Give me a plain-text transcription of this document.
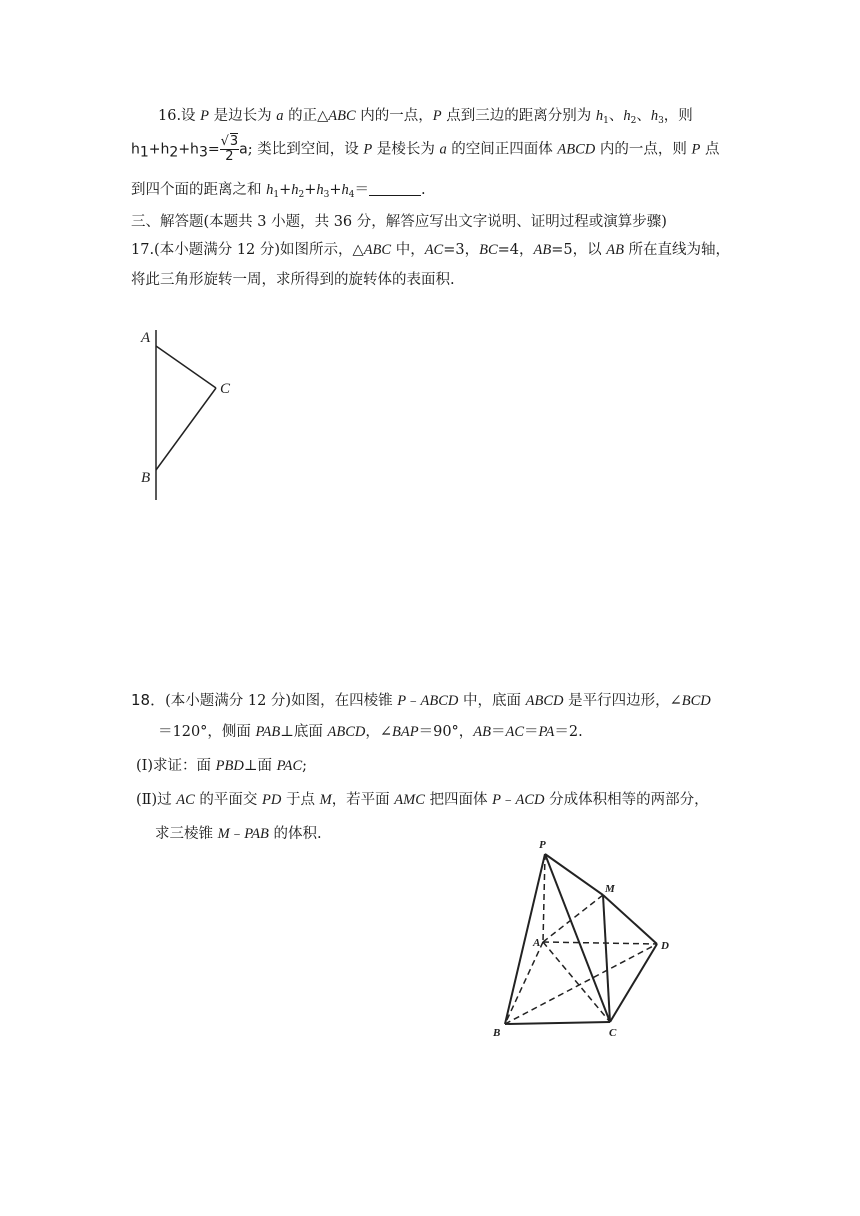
16.设 P 是边长为 a 的正△ABC 内的一点，P 点到三边的距离分别为 $h_1$、$h_2$、$h_3$，则
$h_1+h_2+h_3= \frac{√3}{2} a$; 类比到空间，设 P 是棱长为 a 的空间正四面体 ABCD 内的一点，则 P 点
到四个面的距离之和 $h_1+h_2+h_3+h_4=$	.
三、解答题(本题共 3 小题，共 36 分，解答应写出文字说明、证明过程或演算步骤)
17.(本小题满分 12 分)如图所示，△ABC 中，AC=3，BC=4，AB=5，以 AB 所在直线为轴，
将此三角形旋转一周，求所得到的旋转体的表面积.
A
C
B
18．(本小题满分 12 分)如图，在四棱锥 P﹣ABCD 中，底面 ABCD 是平行四边形，∠BCD
＝120°，侧面 PAB⊥底面 ABCD，∠BAP＝90°，AB＝AC＝PA＝2.
(Ⅰ)求证：面 PBD⊥面 PAC;
(Ⅱ)过 AC 的平面交 PD 于点 M，若平面 AMC 把四面体 P﹣ACD 分成体积相等的两部分，
求三棱锥 M﹣PAB 的体积.
P
M
A	D
B	C
